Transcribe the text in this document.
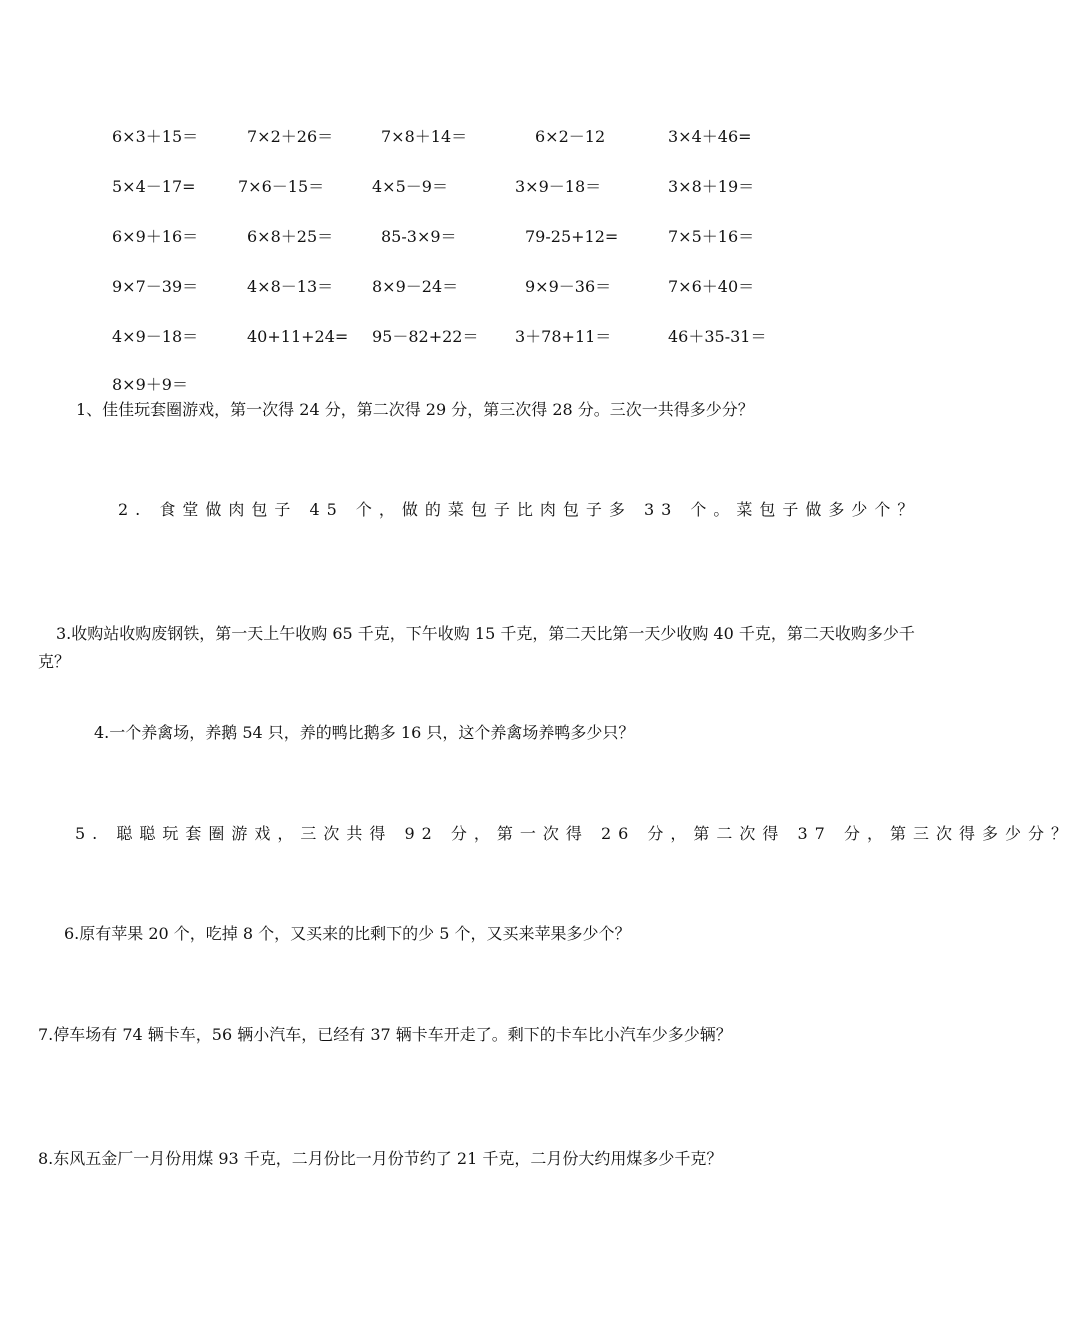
6×3＋15＝	7×2＋26＝	7×8＋14＝	6×2－12	3×4＋46=
5×4－17=	7×6－15＝	4×5－9＝	3×9－18＝	3×8＋19＝
6×9＋16＝	6×8＋25＝	85-3×9＝	79-25+12=	7×5＋16＝
9×7－39＝	4×8－13＝ 8×9－24＝	9×9－36＝	7×6＋40＝
4×9－18＝	40+11+24= 95－82+22＝ 3＋78+11＝	46＋35-31＝
8×9＋9＝
1、佳佳玩套圈游戏，第一次得 24 分，第二次得 29 分，第三次得 28 分。三次一共得多少分？
2. 食堂做肉包子 45 个，做的菜包子比肉包子多 33 个。菜包子做多少个？
3.收购站收购废钢铁，第一天上午收购 65 千克，下午收购 15 千克，第二天比第一天少收购 40 千克，第二天收购多少千克？
4.一个养禽场，养鹅 54 只，养的鸭比鹅多 16 只，这个养禽场养鸭多少只？
5. 聪聪玩套圈游戏，三次共得 92 分，第一次得 26 分，第二次得 37 分，第三次得多少分？
6.原有苹果 20 个，吃掉 8 个，又买来的比剩下的少 5 个，又买来苹果多少个？
7.停车场有 74 辆卡车，56 辆小汽车，已经有 37 辆卡车开走了。剩下的卡车比小汽车少多少辆？
8.东风五金厂一月份用煤 93 千克，二月份比一月份节约了 21 千克，二月份大约用煤多少千克？
